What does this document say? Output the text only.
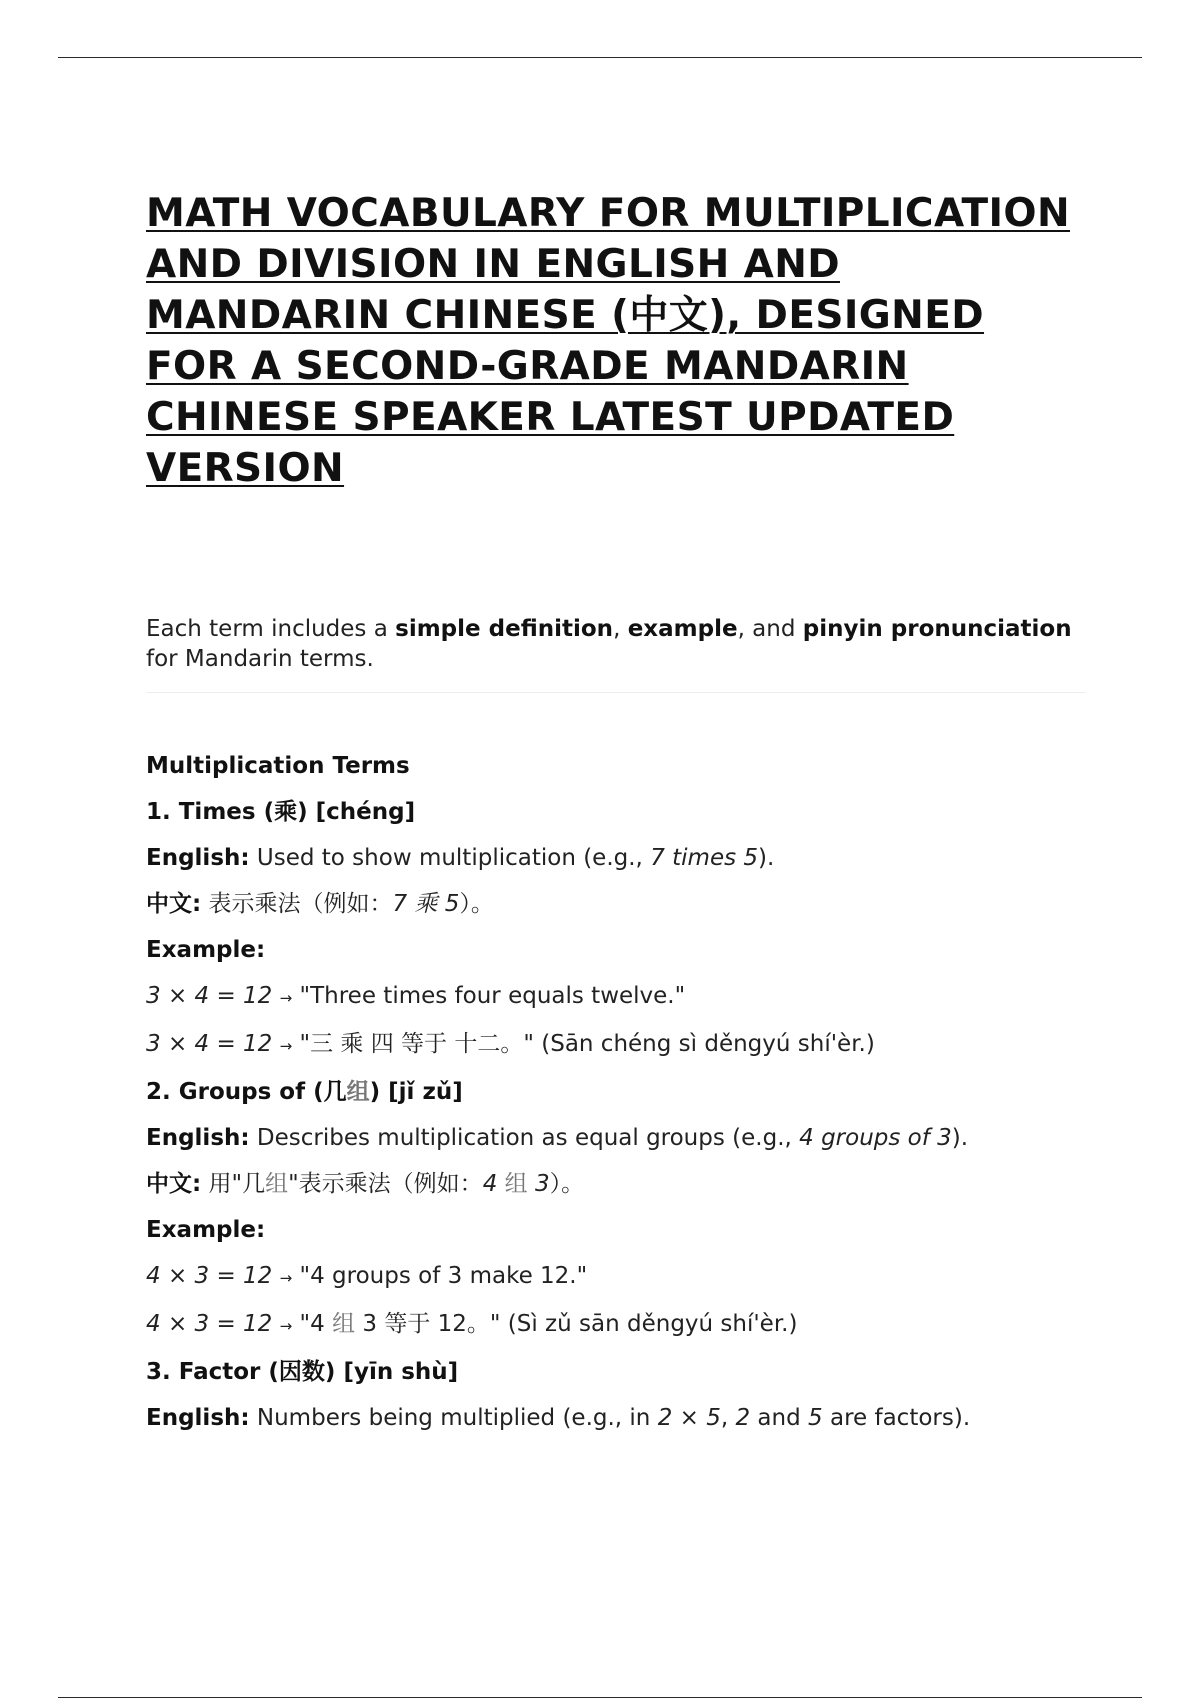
MATH VOCABULARY FOR MULTIPLICATION AND DIVISION IN ENGLISH AND MANDARIN CHINESE (中文), DESIGNED FOR A SECOND-GRADE MANDARIN CHINESE SPEAKER LATEST UPDATED VERSION
Each term includes a simple definition, example, and pinyin pronunciation for Mandarin terms.
Multiplication Terms
1. Times (乘) [chéng]
English: Used to show multiplication (e.g., 7 times 5).
中文: 表示乘法（例如：7 乘 5）。
Example:
3 × 4 = 12 → "Three times four equals twelve."
3 × 4 = 12 → "三 乘 四 等于 十二。" (Sān chéng sì děngyú shí'èr.)
2. Groups of (几组) [jǐ zǔ]
English: Describes multiplication as equal groups (e.g., 4 groups of 3).
中文: 用"几组"表示乘法（例如：4 组 3）。
Example:
4 × 3 = 12 → "4 groups of 3 make 12."
4 × 3 = 12 → "4 组 3 等于 12。" (Sì zǔ sān děngyú shí'èr.)
3. Factor (因数) [yīn shù]
English: Numbers being multiplied (e.g., in 2 × 5, 2 and 5 are factors).
